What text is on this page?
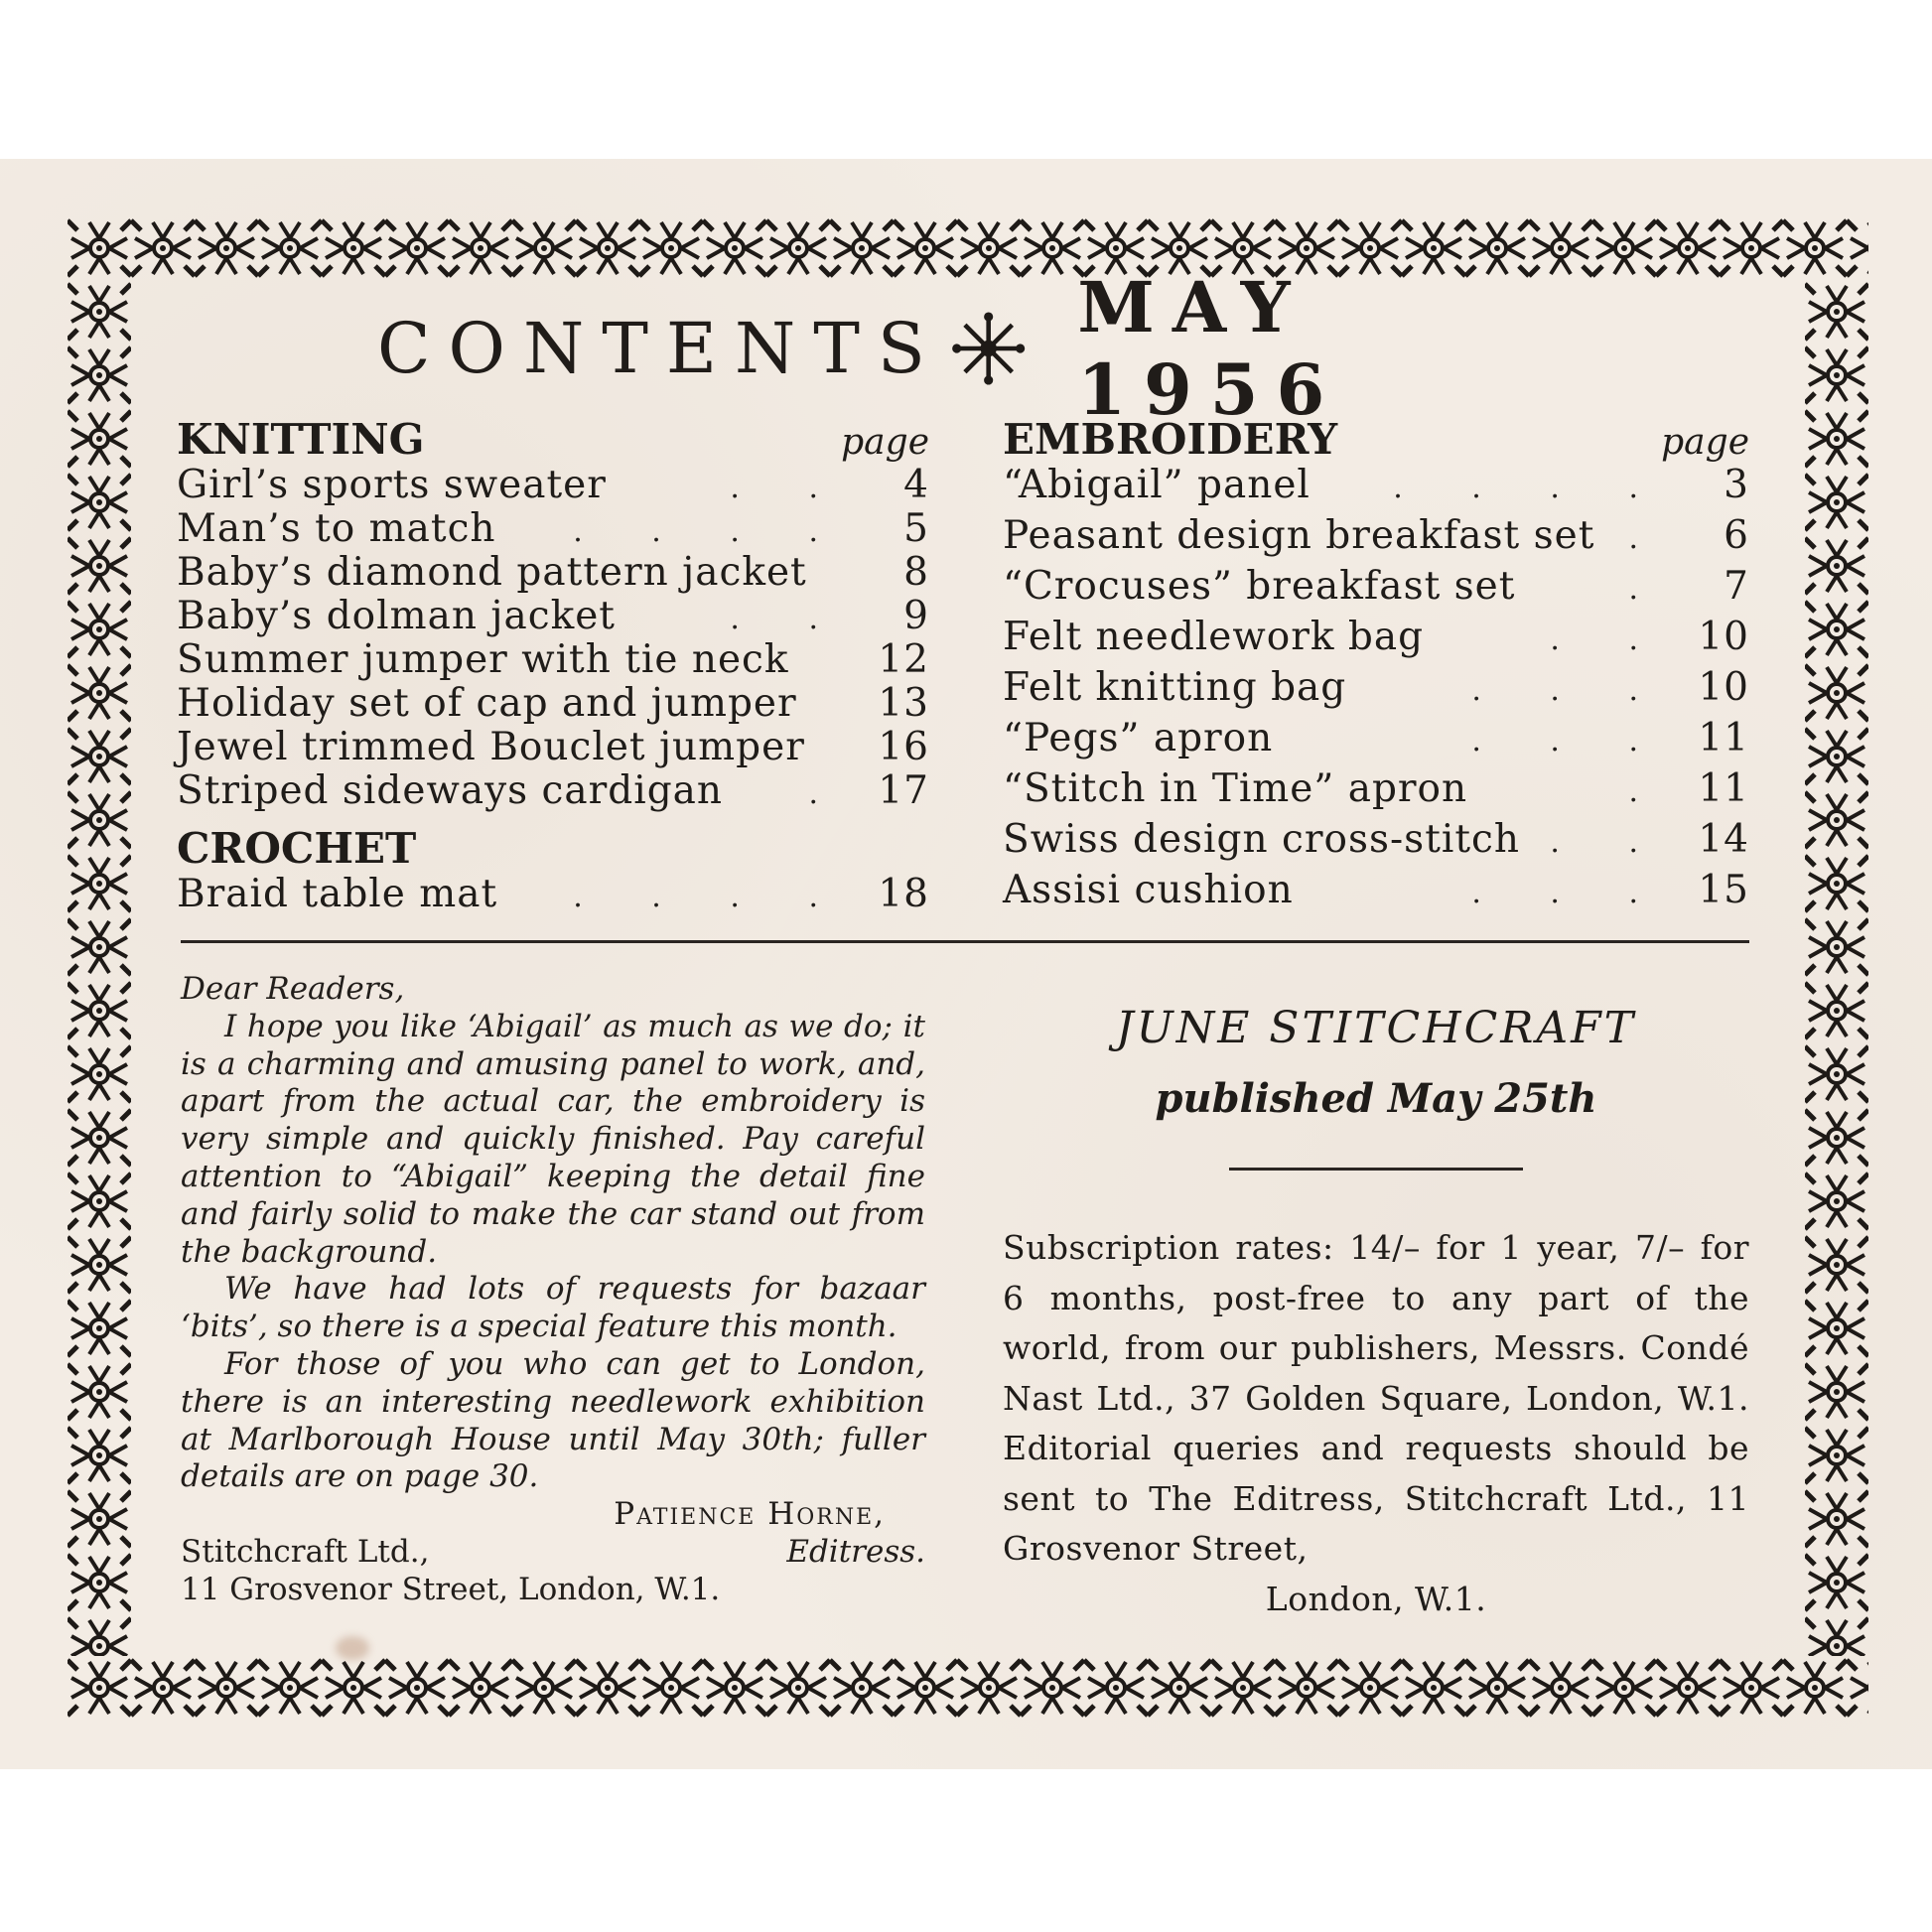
CONTENTS MAY 1956
KNITTING	page
Girl’s sports sweater	. .	4
Man’s to match	. . . .	5
Baby’s diamond pattern jacket	8
Baby’s dolman jacket	. .	9
Summer jumper with tie neck 12
Holiday set of cap and jumper 13
Jewel trimmed Bouclet jumper 16
Striped sideways cardigan	. 17
CROCHET
Braid table mat	. . . . 18
EMBROIDERY	page
“Abigail” panel	. . . .	3
Peasant design breakfast set	.	6
“Crocuses” breakfast set	.	7
Felt needlework bag	. . 10
Felt knitting bag	. . . 10
“Pegs” apron	. . . 11
“Stitch in Time” apron	. 11
Swiss design cross-stitch	. . 14
Assisi cushion	. . . 15

Dear Readers,

I hope you like ‘Abigail’ as much as we do; it is a charming and amusing panel to work, and, apart from the actual car, the embroidery is very simple and quickly finished. Pay careful attention to “Abigail” keeping the detail fine and fairly solid to make the car stand out from the background.

We have had lots of requests for bazaar ‘bits’, so there is a special feature this month.

For those of you who can get to London, there is an interesting needlework exhibition at Marlborough House until May 30th; fuller details are on page 30.

Patience Horne,
Stitchcraft Ltd.,	Editress.
11 Grosvenor Street, London, W.1.
JUNE STITCHCRAFT
published May 25th
Subscription rates: 14/– for 1 year, 7/– for 6 months, post-free to any part of the world, from our publishers, Messrs. Condé Nast Ltd., 37 Golden Square, London, W.1. Editorial queries and requests should be sent to The Editress, Stitchcraft Ltd., 11 Grosvenor Street,
London, W.1.
